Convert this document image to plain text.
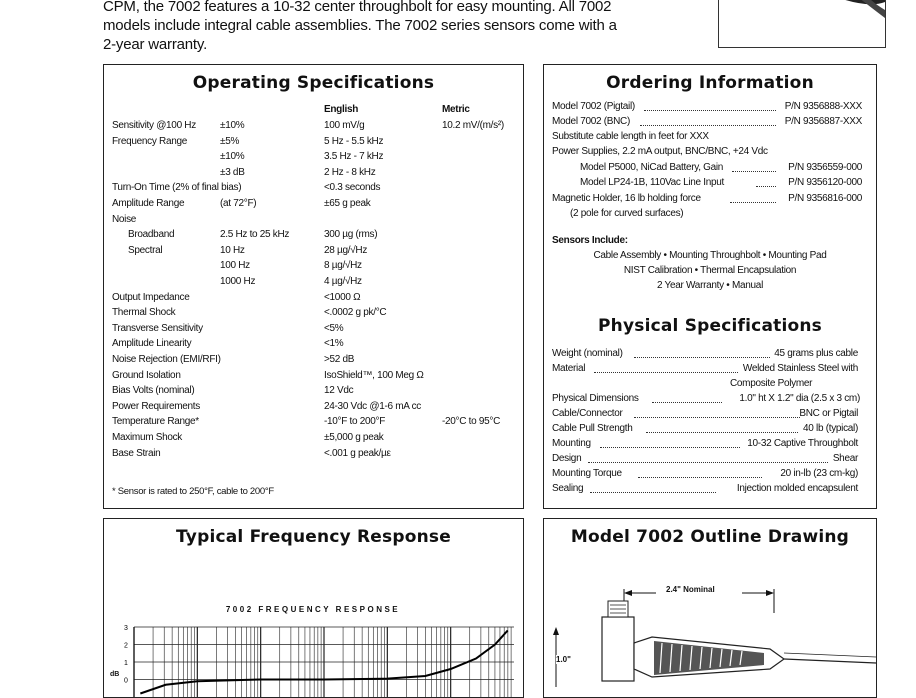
CPM, the 7002 features a 10-32 center throughbolt for easy mounting. All 7002
models include integral cable assemblies. The 7002 series sensors come with a
2-year warranty.
Operating Specifications
English	Metric
Sensitivity @100 Hz ±10%	100 mV/g	10.2 mV/(m/s²)
Frequency Range	±5%	5 Hz - 5.5 kHz
±10%	3.5 Hz - 7 kHz
±3 dB	2 Hz - 8 kHz
Turn-On Time (2% of final bias)	<0.3 seconds
Amplitude Range	(at 72°F)	±65 g peak
Noise
Broadband	2.5 Hz to 25 kHz	300 µg (rms)
Spectral	10 Hz	28 µg/√Hz
100 Hz	8 µg/√Hz
1000 Hz	4 µg/√Hz
Output Impedance	<1000 Ω
Thermal Shock	<.0002 g pk/°C
Transverse Sensitivity	<5%
Amplitude Linearity	<1%
Noise Rejection (EMI/RFI)	>52 dB
Ground Isolation	IsoShield™, 100 Meg Ω
Bias Volts (nominal)	12 Vdc
Power Requirements	24-30 Vdc @1-6 mA cc
Temperature Range*	-10°F to 200°F	-20°C to 95°C
Maximum Shock	±5,000 g peak
Base Strain	<.001 g peak/µε
* Sensor is rated to 250°F, cable to 200°F
Ordering Information
Model 7002 (Pigtail)	P/N 9356888-XXX
Model 7002 (BNC)	P/N 9356887-XXX
Substitute cable length in feet for XXX
Power Supplies, 2.2 mA output, BNC/BNC, +24 Vdc
Model P5000, NiCad Battery, Gain	P/N 9356559-000
Model LP24-1B, 110Vac Line Input	P/N 9356120-000
Magnetic Holder, 16 lb holding force	P/N 9356816-000
(2 pole for curved surfaces)
Sensors Include:
Cable Assembly • Mounting Throughbolt • Mounting Pad
NIST Calibration • Thermal Encapsulation
2 Year Warranty • Manual
Physical Specifications
Weight (nominal)	45 grams plus cable
Material	Welded Stainless Steel with
Composite Polymer
Physical Dimensions	1.0" ht X 1.2" dia (2.5 x 3 cm)
Cable/Connector	BNC or Pigtail
Cable Pull Strength	40 lb (typical)
Mounting	10-32 Captive Throughbolt
Design	Shear
Mounting Torque	20 in-lb (23 cm-kg)
Sealing	Injection molded encapsulent
Typical Frequency Response
7002 FREQUENCY RESPONSE
3
2
1
0
dB
Model 7002 Outline Drawing
2.4" Nominal
1.0"
